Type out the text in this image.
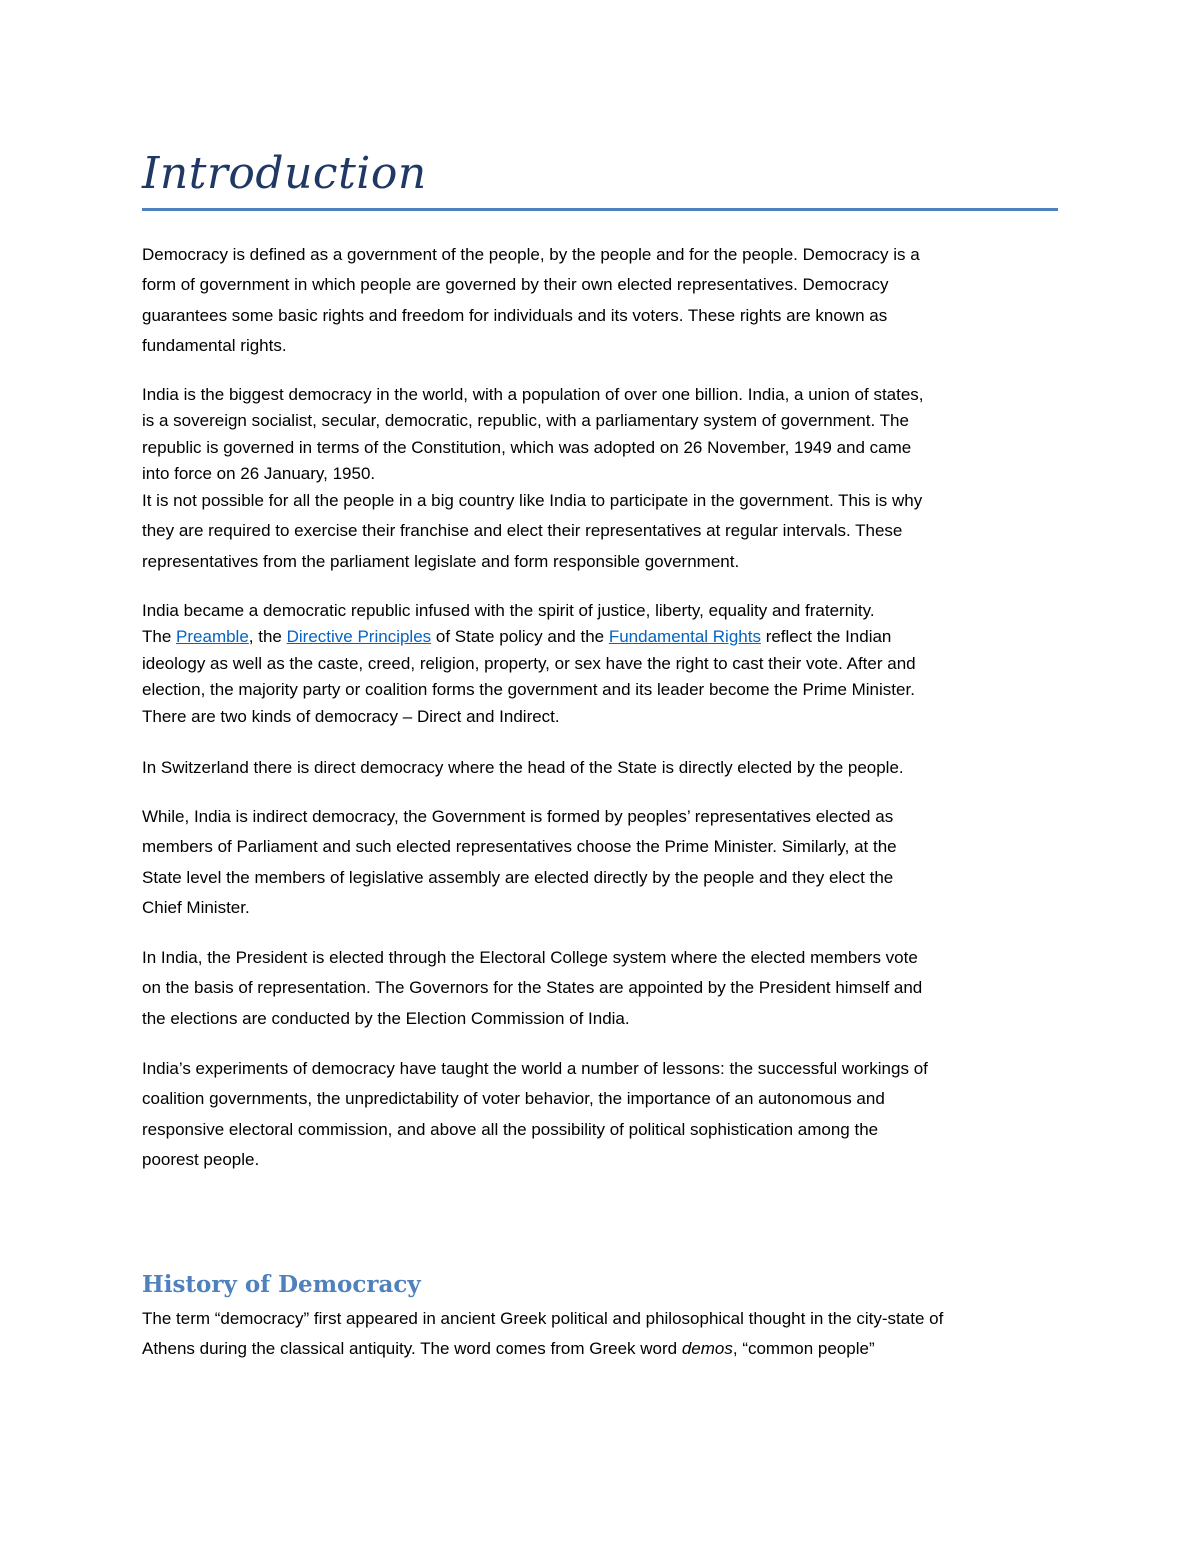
Introduction

Democracy is defined as a government of the people, by the people and for the people. Democracy is a
form of government in which people are governed by their own elected representatives. Democracy
guarantees some basic rights and freedom for individuals and its voters. These rights are known as
fundamental rights.

India is the biggest democracy in the world, with a population of over one billion. India, a union of states,
is a sovereign socialist, secular, democratic, republic, with a parliamentary system of government. The
republic is governed in terms of the Constitution, which was adopted on 26 November, 1949 and came
into force on 26 January, 1950.

It is not possible for all the people in a big country like India to participate in the government. This is why
they are required to exercise their franchise and elect their representatives at regular intervals. These
representatives from the parliament legislate and form responsible government.

India became a democratic republic infused with the spirit of justice, liberty, equality and fraternity.
The Preamble, the Directive Principles of State policy and the Fundamental Rights reflect the Indian
ideology as well as the caste, creed, religion, property, or sex have the right to cast their vote. After and
election, the majority party or coalition forms the government and its leader become the Prime Minister.
There are two kinds of democracy – Direct and Indirect.

In Switzerland there is direct democracy where the head of the State is directly elected by the people.

While, India is indirect democracy, the Government is formed by peoples’ representatives elected as
members of Parliament and such elected representatives choose the Prime Minister. Similarly, at the
State level the members of legislative assembly are elected directly by the people and they elect the
Chief Minister.

In India, the President is elected through the Electoral College system where the elected members vote
on the basis of representation. The Governors for the States are appointed by the President himself and
the elections are conducted by the Election Commission of India.

India’s experiments of democracy have taught the world a number of lessons: the successful workings of
coalition governments, the unpredictability of voter behavior, the importance of an autonomous and
responsive electoral commission, and above all the possibility of political sophistication among the
poorest people.

History of Democracy

The term “democracy” first appeared in ancient Greek political and philosophical thought in the city-state of
Athens during the classical antiquity. The word comes from Greek word demos, “common people”
